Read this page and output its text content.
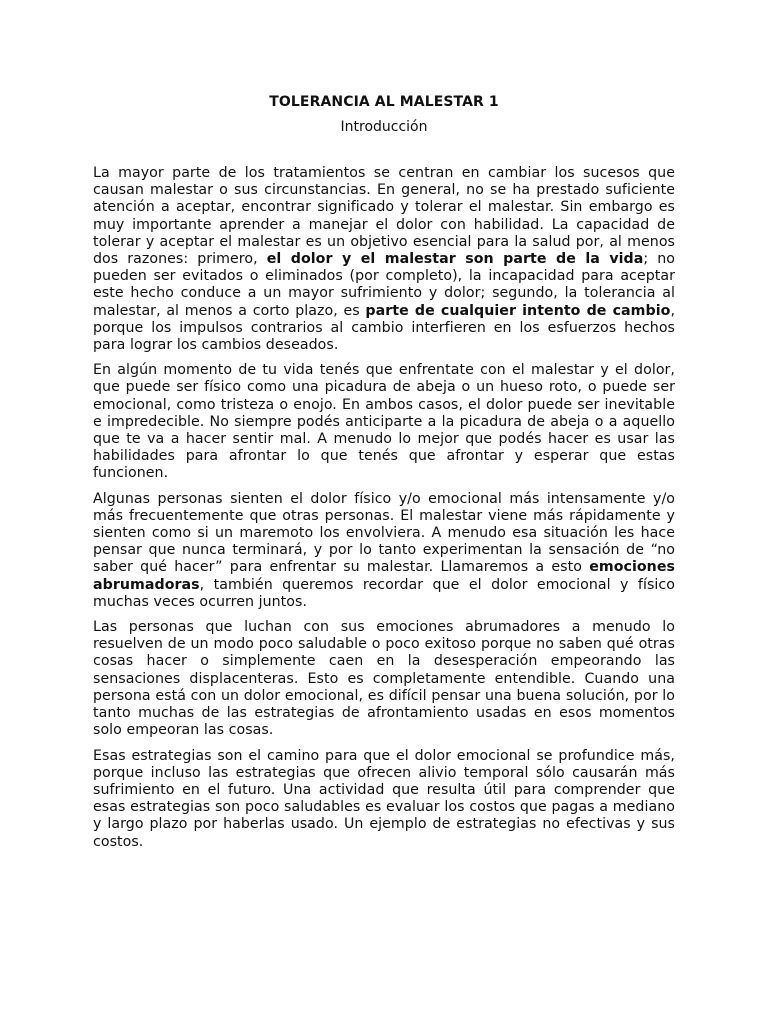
TOLERANCIA AL MALESTAR 1
Introducción

La mayor parte de los tratamientos se centran en cambiar los sucesos que causan malestar o sus circunstancias. En general, no se ha prestado suficiente atención a aceptar, encontrar significado y tolerar el malestar. Sin embargo es muy importante aprender a manejar el dolor con habilidad. La capacidad de tolerar y aceptar el malestar es un objetivo esencial para la salud por, al menos dos razones: primero, el dolor y el malestar son parte de la vida; no pueden ser evitados o eliminados (por completo), la incapacidad para aceptar este hecho conduce a un mayor sufrimiento y dolor; segundo, la tolerancia al malestar, al menos a corto plazo, es parte de cualquier intento de cambio, porque los impulsos contrarios al cambio interfieren en los esfuerzos hechos para lograr los cambios deseados.

En algún momento de tu vida tenés que enfrentate con el malestar y el dolor, que puede ser físico como una picadura de abeja o un hueso roto, o puede ser emocional, como tristeza o enojo. En ambos casos, el dolor puede ser inevitable e impredecible. No siempre podés anticiparte a la picadura de abeja o a aquello que te va a hacer sentir mal. A menudo lo mejor que podés hacer es usar las habilidades para afrontar lo que tenés que afrontar y esperar que estas funcionen.

Algunas personas sienten el dolor físico y/o emocional más intensamente y/o más frecuentemente que otras personas. El malestar viene más rápidamente y sienten como si un maremoto los envolviera. A menudo esa situación les hace pensar que nunca terminará, y por lo tanto experimentan la sensación de “no saber qué hacer” para enfrentar su malestar. Llamaremos a esto emociones abrumadoras, también queremos recordar que el dolor emocional y físico muchas veces ocurren juntos.

Las personas que luchan con sus emociones abrumadores a menudo lo resuelven de un modo poco saludable o poco exitoso porque no saben qué otras cosas hacer o simplemente caen en la desesperación empeorando las sensaciones displacenteras. Esto es completamente entendible. Cuando una persona está con un dolor emocional, es difícil pensar una buena solución, por lo tanto muchas de las estrategias de afrontamiento usadas en esos momentos solo empeoran las cosas.

Esas estrategias son el camino para que el dolor emocional se profundice más, porque incluso las estrategias que ofrecen alivio temporal sólo causarán más sufrimiento en el futuro. Una actividad que resulta útil para comprender que esas estrategias son poco saludables es evaluar los costos que pagas a mediano y largo plazo por haberlas usado. Un ejemplo de estrategias no efectivas y sus costos.
